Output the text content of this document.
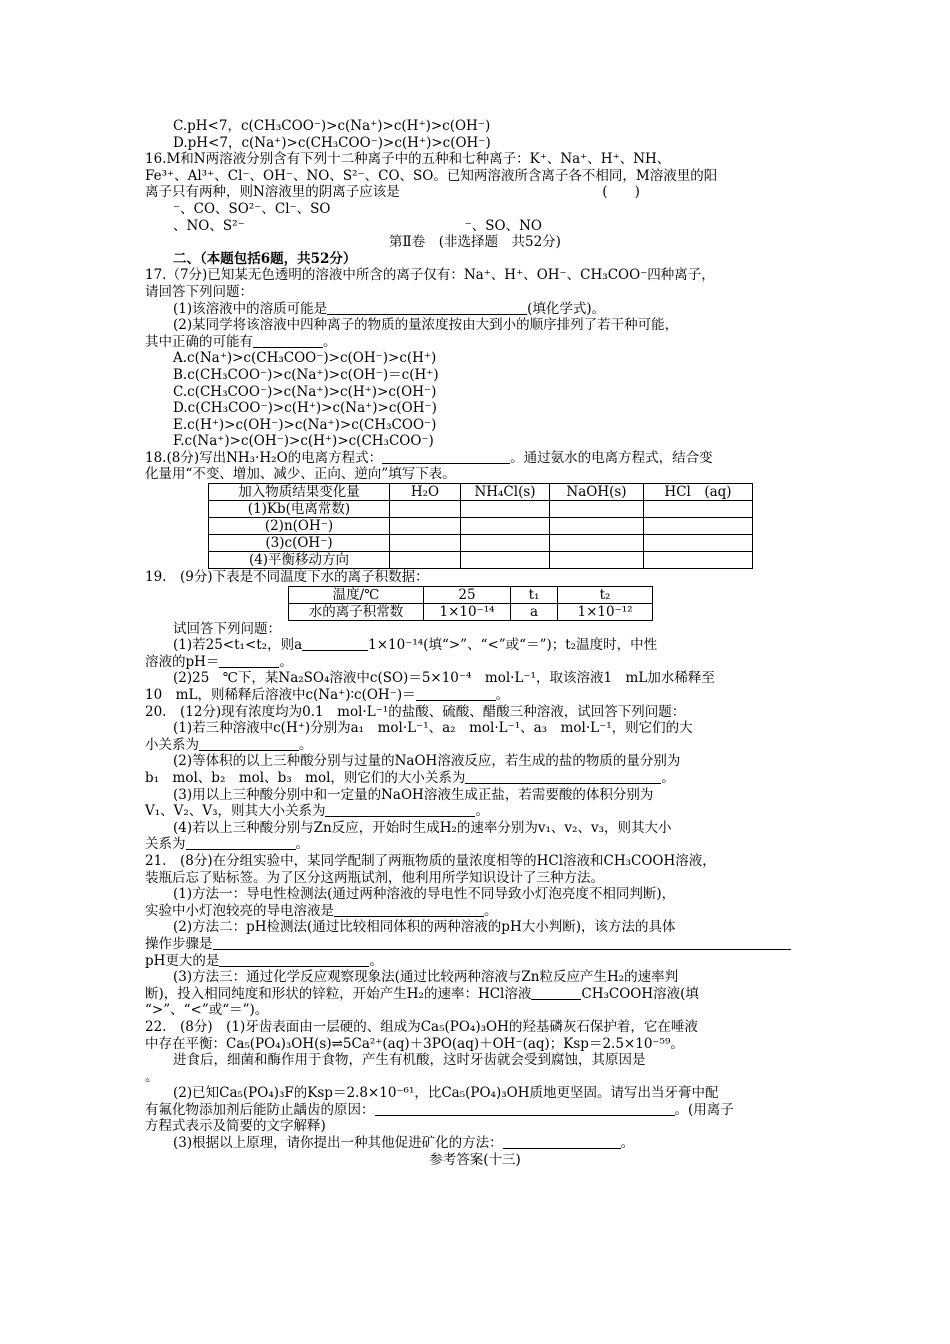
C.pH<7，c(CH₃COO⁻)>c(Na⁺)>c(H⁺)>c(OH⁻)
D.pH<7，c(Na⁺)>c(CH₃COO⁻)>c(H⁺)>c(OH⁻)
16.M和N两溶液分别含有下列十二种离子中的五种和七种离子：K⁺、Na⁺、H⁺、NH、
Fe³⁺、Al³⁺、Cl⁻、OH⁻、NO、S²⁻、CO、SO。已知两溶液所含离子各不相同，M溶液里的阳
离子只有两种，则N溶液里的阴离子应该是　　　　　　　　　　　　　　　(　　)
⁻、CO、SO²⁻、Cl⁻、SO
、NO、S²⁻	⁻、SO、NO
第Ⅱ卷　(非选择题　共52分)
二、（本题包括6题，共52分）
17.（7分)已知某无色透明的溶液中所含的离子仅有：Na⁺、H⁺、OH⁻、CH₃COO⁻四种离子，
请回答下列问题：
(1)该溶液中的溶质可能是	(填化学式)。
(2)某同学将该溶液中四种离子的物质的量浓度按由大到小的顺序排列了若干种可能，
其中正确的可能有	。
A.c(Na⁺)>c(CH₃COO⁻)>c(OH⁻)>c(H⁺)
B.c(CH₃COO⁻)>c(Na⁺)>c(OH⁻)＝c(H⁺)
C.c(CH₃COO⁻)>c(Na⁺)>c(H⁺)>c(OH⁻)
D.c(CH₃COO⁻)>c(H⁺)>c(Na⁺)>c(OH⁻)
E.c(H⁺)>c(OH⁻)>c(Na⁺)>c(CH₃COO⁻)
F.c(Na⁺)>c(OH⁻)>c(H⁺)>c(CH₃COO⁻)
18.(8分)写出NH₃·H₂O的电离方程式：	。通过氨水的电离方程式，结合变
化量用“不变、增加、减少、正向、逆向”填写下表。
加入物质结果变化量	H₂O	NH₄Cl(s)	NaOH(s)	HCl　(aq)
(1)Kb(电离常数)				
(2)n(OH⁻)				
(3)c(OH⁻)				
(4)平衡移动方向				
19.　(9分)下表是不同温度下水的离子积数据：
温度/℃	25	t₁	t₂
水的离子积常数	1×10⁻¹⁴	a	1×10⁻¹²
试回答下列问题：
(1)若25<t₁<t₂，则a	1×10⁻¹⁴(填“>”、“<”或“＝”)；t₂温度时，中性
溶液的pH＝	。
(2)25　℃下，某Na₂SO₄溶液中c(SO)＝5×10⁻⁴　mol·L⁻¹，取该溶液1　mL加水稀释至
10　mL，则稀释后溶液中c(Na⁺)∶c(OH⁻)＝	。
20.　(12分)现有浓度均为0.1　mol·L⁻¹的盐酸、硫酸、醋酸三种溶液，试回答下列问题：
(1)若三种溶液中c(H⁺)分别为a₁　mol·L⁻¹、a₂　mol·L⁻¹、a₃　mol·L⁻¹，则它们的大
小关系为	。
(2)等体积的以上三种酸分别与过量的NaOH溶液反应，若生成的盐的物质的量分别为
b₁　mol、b₂　mol、b₃　mol，则它们的大小关系为	。
(3)用以上三种酸分别中和一定量的NaOH溶液生成正盐，若需要酸的体积分别为
V₁、V₂、V₃，则其大小关系为	。
(4)若以上三种酸分别与Zn反应，开始时生成H₂的速率分别为v₁、v₂、v₃，则其大小
关系为	。
21.　(8分)在分组实验中，某同学配制了两瓶物质的量浓度相等的HCl溶液和CH₃COOH溶液，
装瓶后忘了贴标签。为了区分这两瓶试剂，他利用所学知识设计了三种方法。
(1)方法一：导电性检测法(通过两种溶液的导电性不同导致小灯泡亮度不相同判断)，
实验中小灯泡较亮的导电溶液是	。
(2)方法二：pH检测法(通过比较相同体积的两种溶液的pH大小判断)，该方法的具体
操作步骤是
pH更大的是	。
(3)方法三：通过化学反应观察现象法(通过比较两种溶液与Zn粒反应产生H₂的速率判
断)，投入相同纯度和形状的锌粒，开始产生H₂的速率：HCl溶液	CH₃COOH溶液(填
“>”、“<”或“＝”)。
22.　(8分)　(1)牙齿表面由一层硬的、组成为Ca₅(PO₄)₃OH的羟基磷灰石保护着，它在唾液
中存在平衡：Ca₅(PO₄)₃OH(s)⇌5Ca²⁺(aq)＋3PO(aq)＋OH⁻(aq)；Ksp＝2.5×10⁻⁵⁹。
进食后，细菌和酶作用于食物，产生有机酸，这时牙齿就会受到腐蚀，其原因是
。
(2)已知Ca₅(PO₄)₃F的Ksp＝2.8×10⁻⁶¹，比Ca₅(PO₄)₃OH质地更坚固。请写出当牙膏中配
有氟化物添加剂后能防止龋齿的原因：	。(用离子
方程式表示及简要的文字解释)
(3)根据以上原理，请你提出一种其他促进矿化的方法：	。
参考答案(十三)
